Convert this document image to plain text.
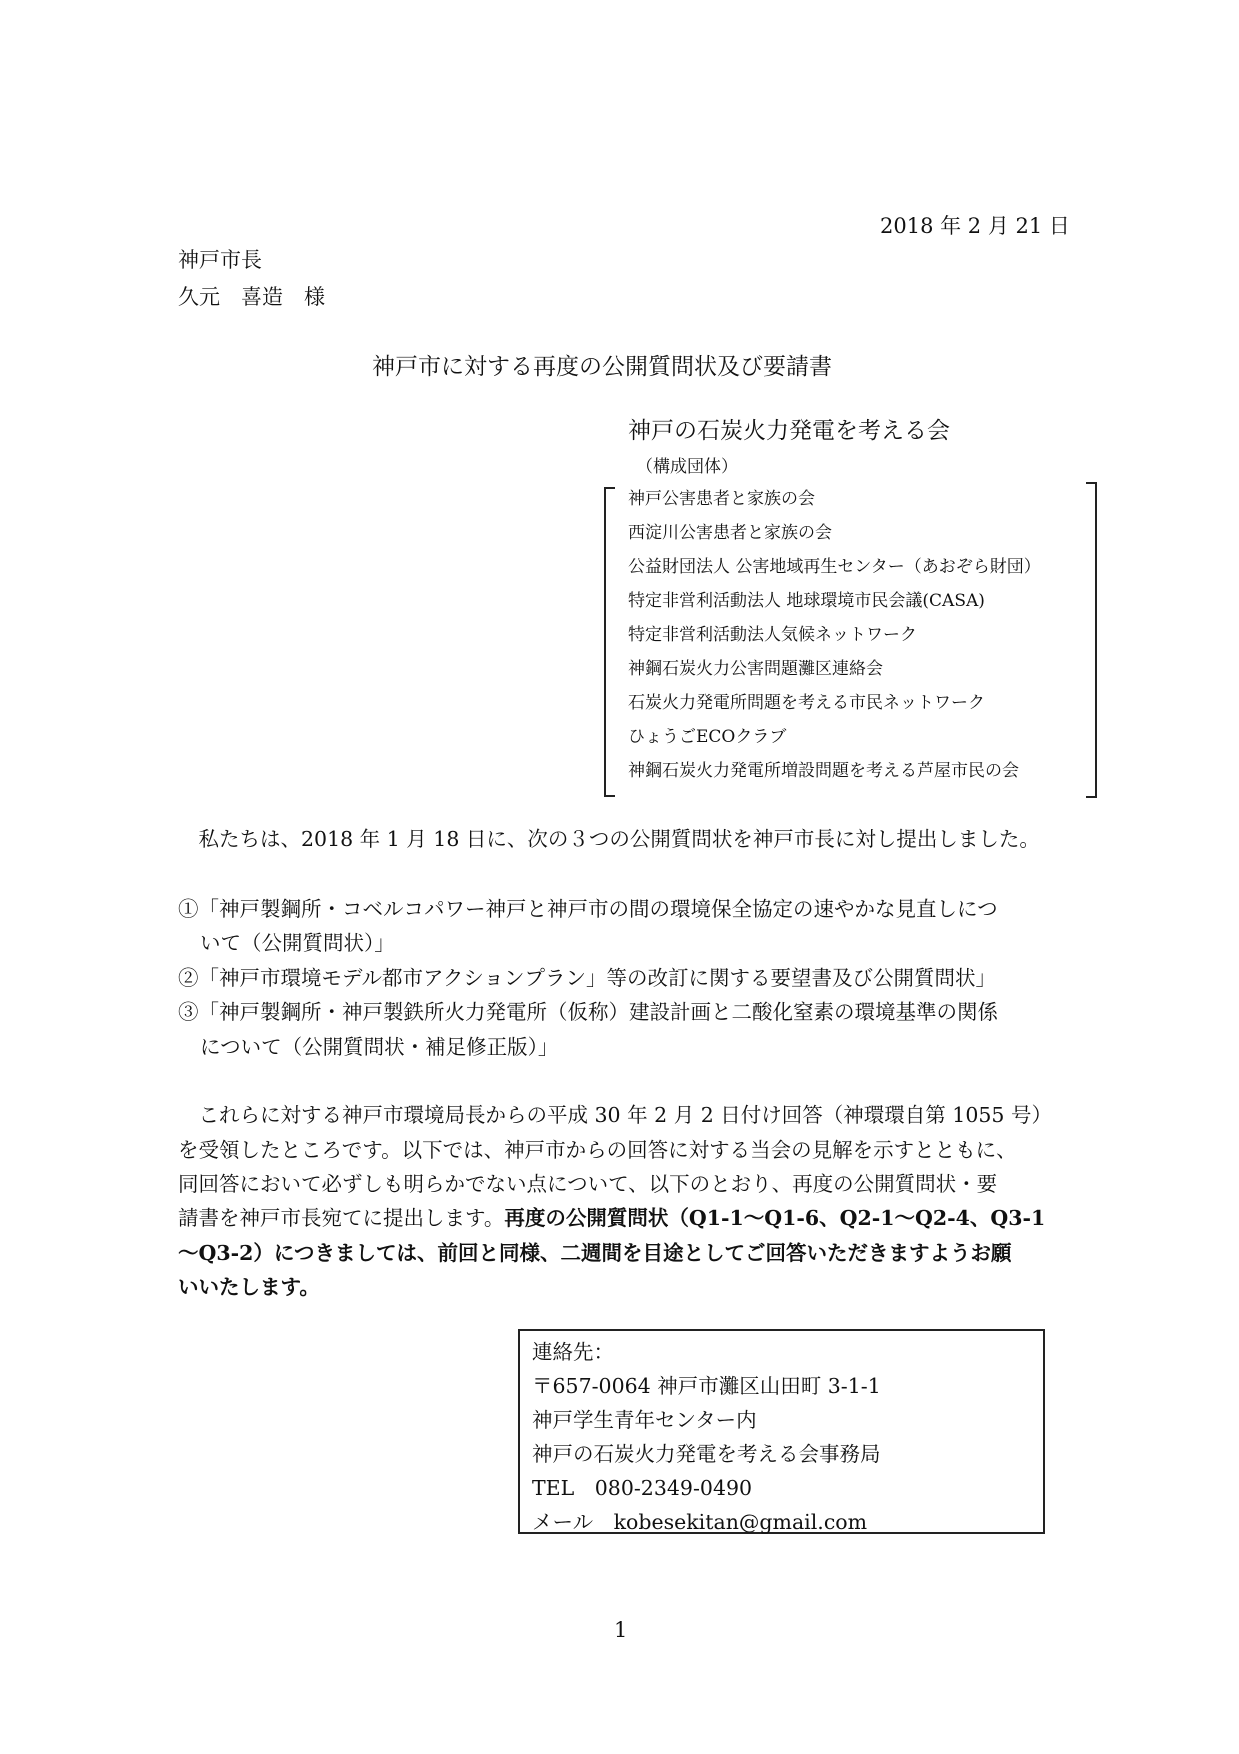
2018 年 2 月 21 日
神戸市長
久元　喜造　様
神戸市に対する再度の公開質問状及び要請書
神戸の石炭火力発電を考える会
（構成団体）
神戸公害患者と家族の会
西淀川公害患者と家族の会
公益財団法人 公害地域再生センター（あおぞら財団）
特定非営利活動法人 地球環境市民会議(CASA)
特定非営利活動法人気候ネットワーク
神鋼石炭火力公害問題灘区連絡会
石炭火力発電所問題を考える市民ネットワーク
ひょうごECOクラブ
神鋼石炭火力発電所増設問題を考える芦屋市民の会
　私たちは、2018 年 1 月 18 日に、次の３つの公開質問状を神戸市長に対し提出しました。
①「神戸製鋼所・コベルコパワー神戸と神戸市の間の環境保全協定の速やかな見直しにつ
いて（公開質問状）」
②「神戸市環境モデル都市アクションプラン」等の改訂に関する要望書及び公開質問状」
③「神戸製鋼所・神戸製鉄所火力発電所（仮称）建設計画と二酸化窒素の環境基準の関係
について（公開質問状・補足修正版）」
　これらに対する神戸市環境局長からの平成 30 年 2 月 2 日付け回答（神環環自第 1055 号）
を受領したところです。以下では、神戸市からの回答に対する当会の見解を示すとともに、
同回答において必ずしも明らかでない点について、以下のとおり、再度の公開質問状・要
請書を神戸市長宛てに提出します。再度の公開質問状（Q1-1～Q1-6、Q2-1～Q2-4、Q3-1
～Q3-2）につきましては、前回と同様、二週間を目途としてご回答いただきますようお願
いいたします。
連絡先：
〒657-0064 神戸市灘区山田町 3-1-1
神戸学生青年センター内
神戸の石炭火力発電を考える会事務局
TEL　080-2349-0490
メール　kobesekitan@gmail.com
1
